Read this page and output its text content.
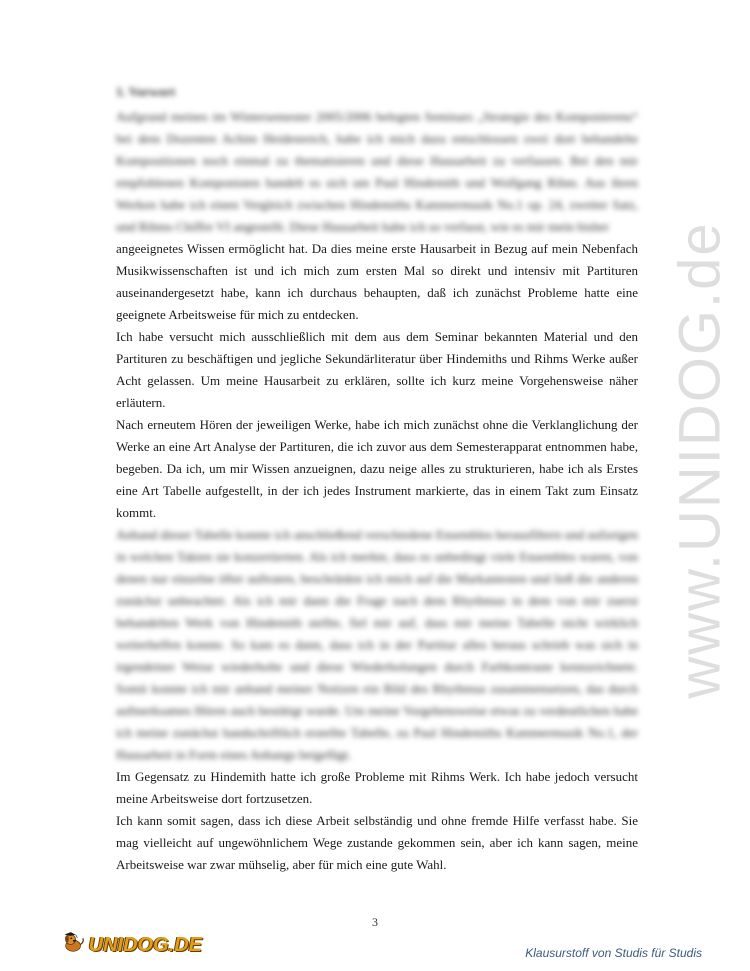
www.UNIDOG.de
1. Vorwort

Aufgrund meines im Wintersemester 2005/2006 belegten Seminars „Strategie des Komponierens“ bei dem Dozenten Achim Heidenreich, habe ich mich dazu entschlossen zwei dort behandelte Kompositionen noch einmal zu thematisieren und diese Hausarbeit zu verfassen. Bei den mir empfohlenen Komponisten handelt es sich um Paul Hindemith und Wolfgang Rihm. Aus ihren Werken habe ich einen Vergleich zwischen Hindemiths Kammermusik No.1 op. 24, zweiter Satz, und Rihms Chiffre VI angestellt. Diese Hausarbeit habe ich so verfasst, wie es mir mein bisher

angeeignetes Wissen ermöglicht hat. Da dies meine erste Hausarbeit in Bezug auf mein Nebenfach Musikwissenschaften ist und ich mich zum ersten Mal so direkt und intensiv mit Partituren auseinandergesetzt habe, kann ich durchaus behaupten, daß ich zunächst Probleme hatte eine geeignete Arbeitsweise für mich zu entdecken.

Ich habe versucht mich ausschließlich mit dem aus dem Seminar bekannten Material und den Partituren zu beschäftigen und jegliche Sekundärliteratur über Hindemiths und Rihms Werke außer Acht gelassen. Um meine Hausarbeit zu erklären, sollte ich kurz meine Vorgehensweise näher erläutern.

Nach erneutem Hören der jeweiligen Werke, habe ich mich zunächst ohne die Verklanglichung der Werke an eine Art Analyse der Partituren, die ich zuvor aus dem Semesterapparat entnommen habe, begeben. Da ich, um mir Wissen anzueignen, dazu neige alles zu strukturieren, habe ich als Erstes eine Art Tabelle aufgestellt, in der ich jedes Instrument markierte, das in einem Takt zum Einsatz kommt.

Anhand dieser Tabelle konnte ich anschließend verschiedene Ensembles herausfiltern und aufzeigen in welchen Takten sie konzertierten. Als ich merkte, dass es unbedingt viele Ensembles waren, von denen nur einzelne öfter auftraten, beschränkte ich mich auf die Markantesten und ließ die anderen zunächst unbeachtet. Als ich mir dann die Frage nach dem Rhythmus in dem von mir zuerst behandelten Werk von Hindemith stellte, fiel mir auf, dass mir meine Tabelle nicht wirklich weiterhelfen konnte. So kam es dann, dass ich in der Partitur alles heraus schrieb was sich in irgendeiner Weise wiederholte und diese Wiederholungen durch Farbkontraste kennzeichnete. Somit konnte ich mir anhand meiner Notizen ein Bild des Rhythmus zusammensetzen, das durch aufmerksames Hören auch bestätigt wurde. Um meine Vorgehensweise etwas zu verdeutlichen habe ich meine zunächst handschriftlich erstellte Tabelle, zu Paul Hindemiths Kammermusik No.1, der Hausarbeit in Form eines Anhangs beigefügt.

Im Gegensatz zu Hindemith hatte ich große Probleme mit Rihms Werk. Ich habe jedoch versucht meine Arbeitsweise dort fortzusetzen.

Ich kann somit sagen, dass ich diese Arbeit selbständig und ohne fremde Hilfe verfasst habe. Sie mag vielleicht auf ungewöhnlichem Wege zustande gekommen sein, aber ich kann sagen, meine Arbeitsweise war zwar mühselig, aber für mich eine gute Wahl.

3
UNIDOG.DE	Klausurstoff von Studis für Studis
